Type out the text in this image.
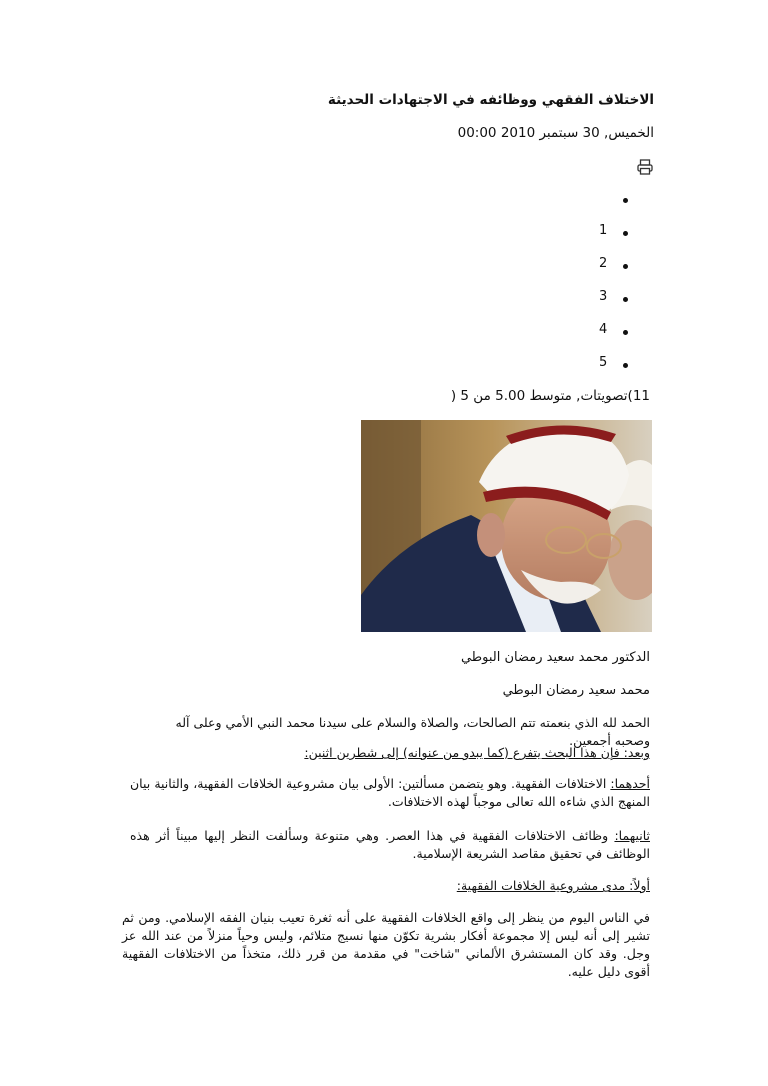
الاختلاف الفقهي ووظائفه في الاجتهادات الحديثة
الخميس, 30 سبتمبر 2010 00:00
1
2
3
4
5
11)تصويتات, متوسط 5.00 من 5 (
الدكتور محمد سعيد رمضان البوطي
محمد سعيد رمضان البوطي
الحمد لله الذي بنعمته تتم الصالحات، والصلاة والسلام على سيدنا محمد النبي الأمي وعلى آله وصحبه أجمعين.
وبعد: فإن هذا البحث يتفرع (كما يبدو من عنوانه) إلى شطرين اثنين:
أحدهما: الاختلافات الفقهية. وهو يتضمن مسألتين: الأولى بيان مشروعية الخلافات الفقهية، والثانية بيان المنهج الذي شاءه الله تعالى موجباً لهذه الاختلافات.
ثانيهما: وظائف الاختلافات الفقهية في هذا العصر. وهي متنوعة وسألفت النظر إليها مبيناً أثر هذه الوظائف في تحقيق مقاصد الشريعة الإسلامية.
أولاً: مدى مشروعية الخلافات الفقهية:
في الناس اليوم من ينظر إلى واقع الخلافات الفقهية على أنه ثغرة تعيب بنيان الفقه الإسلامي. ومن ثم تشير إلى أنه ليس إلا مجموعة أفكار بشرية تكوّن منها نسيج متلائم، وليس وحياً منزلاً من عند الله عز وجل. وقد كان المستشرق الألماني "شاخت" في مقدمة من قرر ذلك، متخذاً من الاختلافات الفقهية أقوى دليل عليه.
